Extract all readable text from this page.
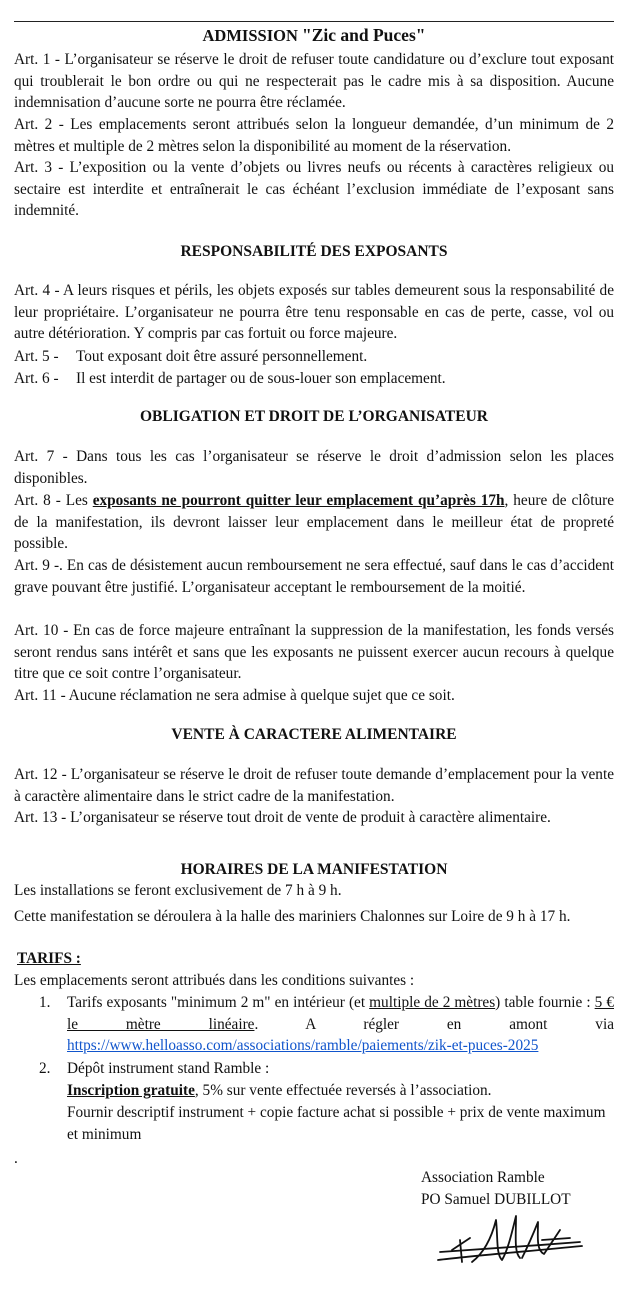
ADMISSION "Zic and Puces"
Art. 1 - L’organisateur se réserve le droit de refuser toute candidature ou d’exclure tout exposant qui troublerait le bon ordre ou qui ne respecterait pas le cadre mis à sa disposition. Aucune indemnisation d’aucune sorte ne pourra être réclamée.
Art. 2 - Les emplacements seront attribués selon la longueur demandée, d’un minimum de 2 mètres et multiple de 2 mètres selon la disponibilité au moment de la réservation.
Art. 3 - L’exposition ou la vente d’objets ou livres neufs ou récents à caractères religieux ou sectaire est interdite et entraînerait le cas échéant l’exclusion immédiate de l’exposant sans indemnité.
RESPONSABILITÉ DES EXPOSANTS
Art. 4 - A leurs risques et périls, les objets exposés sur tables demeurent sous la responsabilité de leur propriétaire. L’organisateur ne pourra être tenu responsable en cas de perte, casse, vol ou autre détérioration. Y compris par cas fortuit ou force majeure.
Art. 5 - Tout exposant doit être assuré personnellement.
Art. 6 - Il est interdit de partager ou de sous-louer son emplacement.
OBLIGATION ET DROIT DE L’ORGANISATEUR
Art. 7 - Dans tous les cas l’organisateur se réserve le droit d’admission selon les places disponibles.
Art. 8 - Les exposants ne pourront quitter leur emplacement qu’après 17h, heure de clôture de la manifestation, ils devront laisser leur emplacement dans le meilleur état de propreté possible.
Art. 9 -. En cas de désistement aucun remboursement ne sera effectué, sauf dans le cas d’accident grave pouvant être justifié. L’organisateur acceptant le remboursement de la moitié.
Art. 10 - En cas de force majeure entraînant la suppression de la manifestation, les fonds versés seront rendus sans intérêt et sans que les exposants ne puissent exercer aucun recours à quelque titre que ce soit contre l’organisateur.
Art. 11 - Aucune réclamation ne sera admise à quelque sujet que ce soit.
VENTE À CARACTERE ALIMENTAIRE
Art. 12 - L’organisateur se réserve le droit de refuser toute demande d’emplacement pour la vente à caractère alimentaire dans le strict cadre de la manifestation.
Art. 13 - L’organisateur se réserve tout droit de vente de produit à caractère alimentaire.
HORAIRES DE LA MANIFESTATION
Les installations se feront exclusivement de 7 h à 9 h.
Cette manifestation se déroulera à la halle des mariniers Chalonnes sur Loire de 9 h à 17 h.
TARIFS :
Les emplacements seront attribués dans les conditions suivantes :
1. Tarifs exposants "minimum 2 m" en intérieur (et multiple de 2 mètres) table fournie : 5 € le mètre linéaire. A régler en amont via https://www.helloasso.com/associations/ramble/paiements/zik-et-puces-2025
2. Dépôt instrument stand Ramble :
Inscription gratuite, 5% sur vente effectuée reversés à l’association.
Fournir descriptif instrument + copie facture achat si possible + prix de vente maximum et minimum
.
Association Ramble
PO Samuel DUBILLOT
